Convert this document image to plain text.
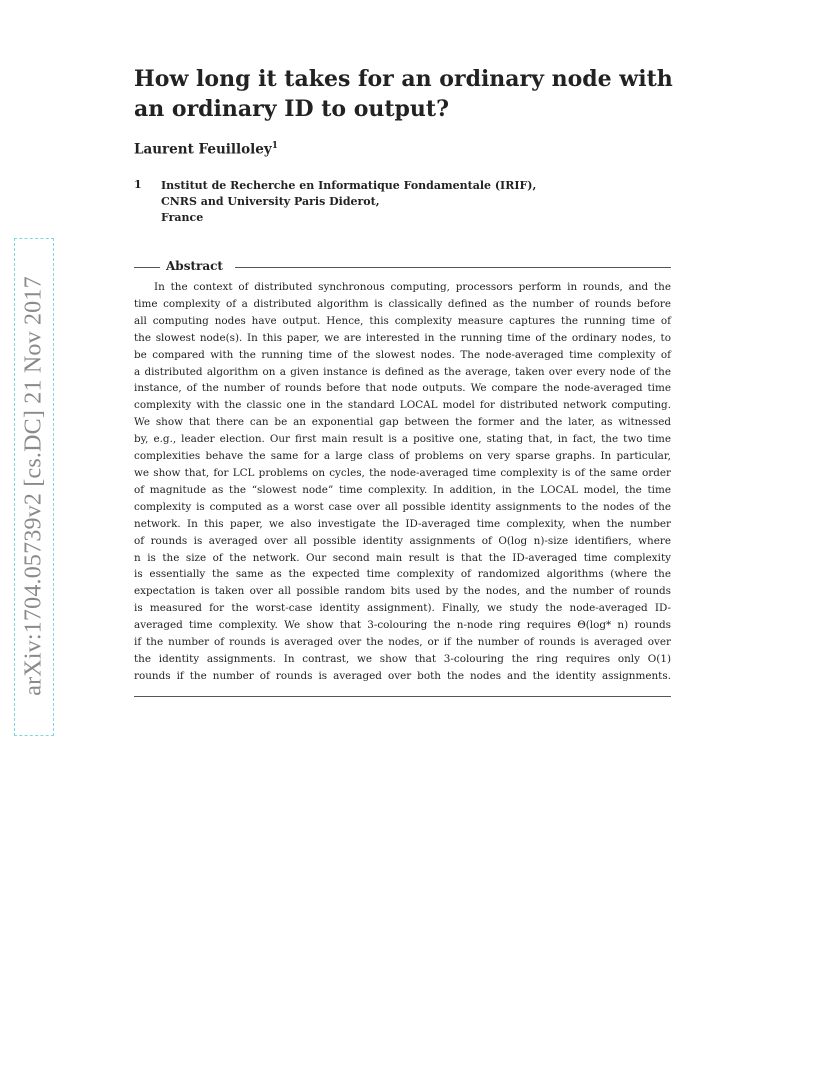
arXiv:1704.05739v2 [cs.DC] 21 Nov 2017
How long it takes for an ordinary node with
an ordinary ID to output?
Laurent Feuilloley$^1$
1 Institut de Recherche en Informatique Fondamentale (IRIF),
CNRS and University Paris Diderot,
France
Abstract
In the context of distributed synchronous computing, processors perform in rounds, and the
time complexity of a distributed algorithm is classically defined as the number of rounds before
all computing nodes have output. Hence, this complexity measure captures the running time of
the slowest node(s). In this paper, we are interested in the running time of the ordinary nodes, to
be compared with the running time of the slowest nodes. The node-averaged time complexity of
a distributed algorithm on a given instance is defined as the average, taken over every node of the
instance, of the number of rounds before that node outputs. We compare the node-averaged time
complexity with the classic one in the standard LOCAL model for distributed network computing.
We show that there can be an exponential gap between the former and the later, as witnessed
by, e.g., leader election. Our first main result is a positive one, stating that, in fact, the two time
complexities behave the same for a large class of problems on very sparse graphs. In particular,
we show that, for LCL problems on cycles, the node-averaged time complexity is of the same order
of magnitude as the “slowest node” time complexity. In addition, in the LOCAL model, the time
complexity is computed as a worst case over all possible identity assignments to the nodes of the
network. In this paper, we also investigate the ID-averaged time complexity, when the number
of rounds is averaged over all possible identity assignments of O(log n)-size identifiers, where
n is the size of the network. Our second main result is that the ID-averaged time complexity
is essentially the same as the expected time complexity of randomized algorithms (where the
expectation is taken over all possible random bits used by the nodes, and the number of rounds
is measured for the worst-case identity assignment). Finally, we study the node-averaged ID-
averaged time complexity. We show that 3-colouring the n-node ring requires Θ(log* n) rounds
if the number of rounds is averaged over the nodes, or if the number of rounds is averaged over
the identity assignments. In contrast, we show that 3-colouring the ring requires only O(1)
rounds if the number of rounds is averaged over both the nodes and the identity assignments.
